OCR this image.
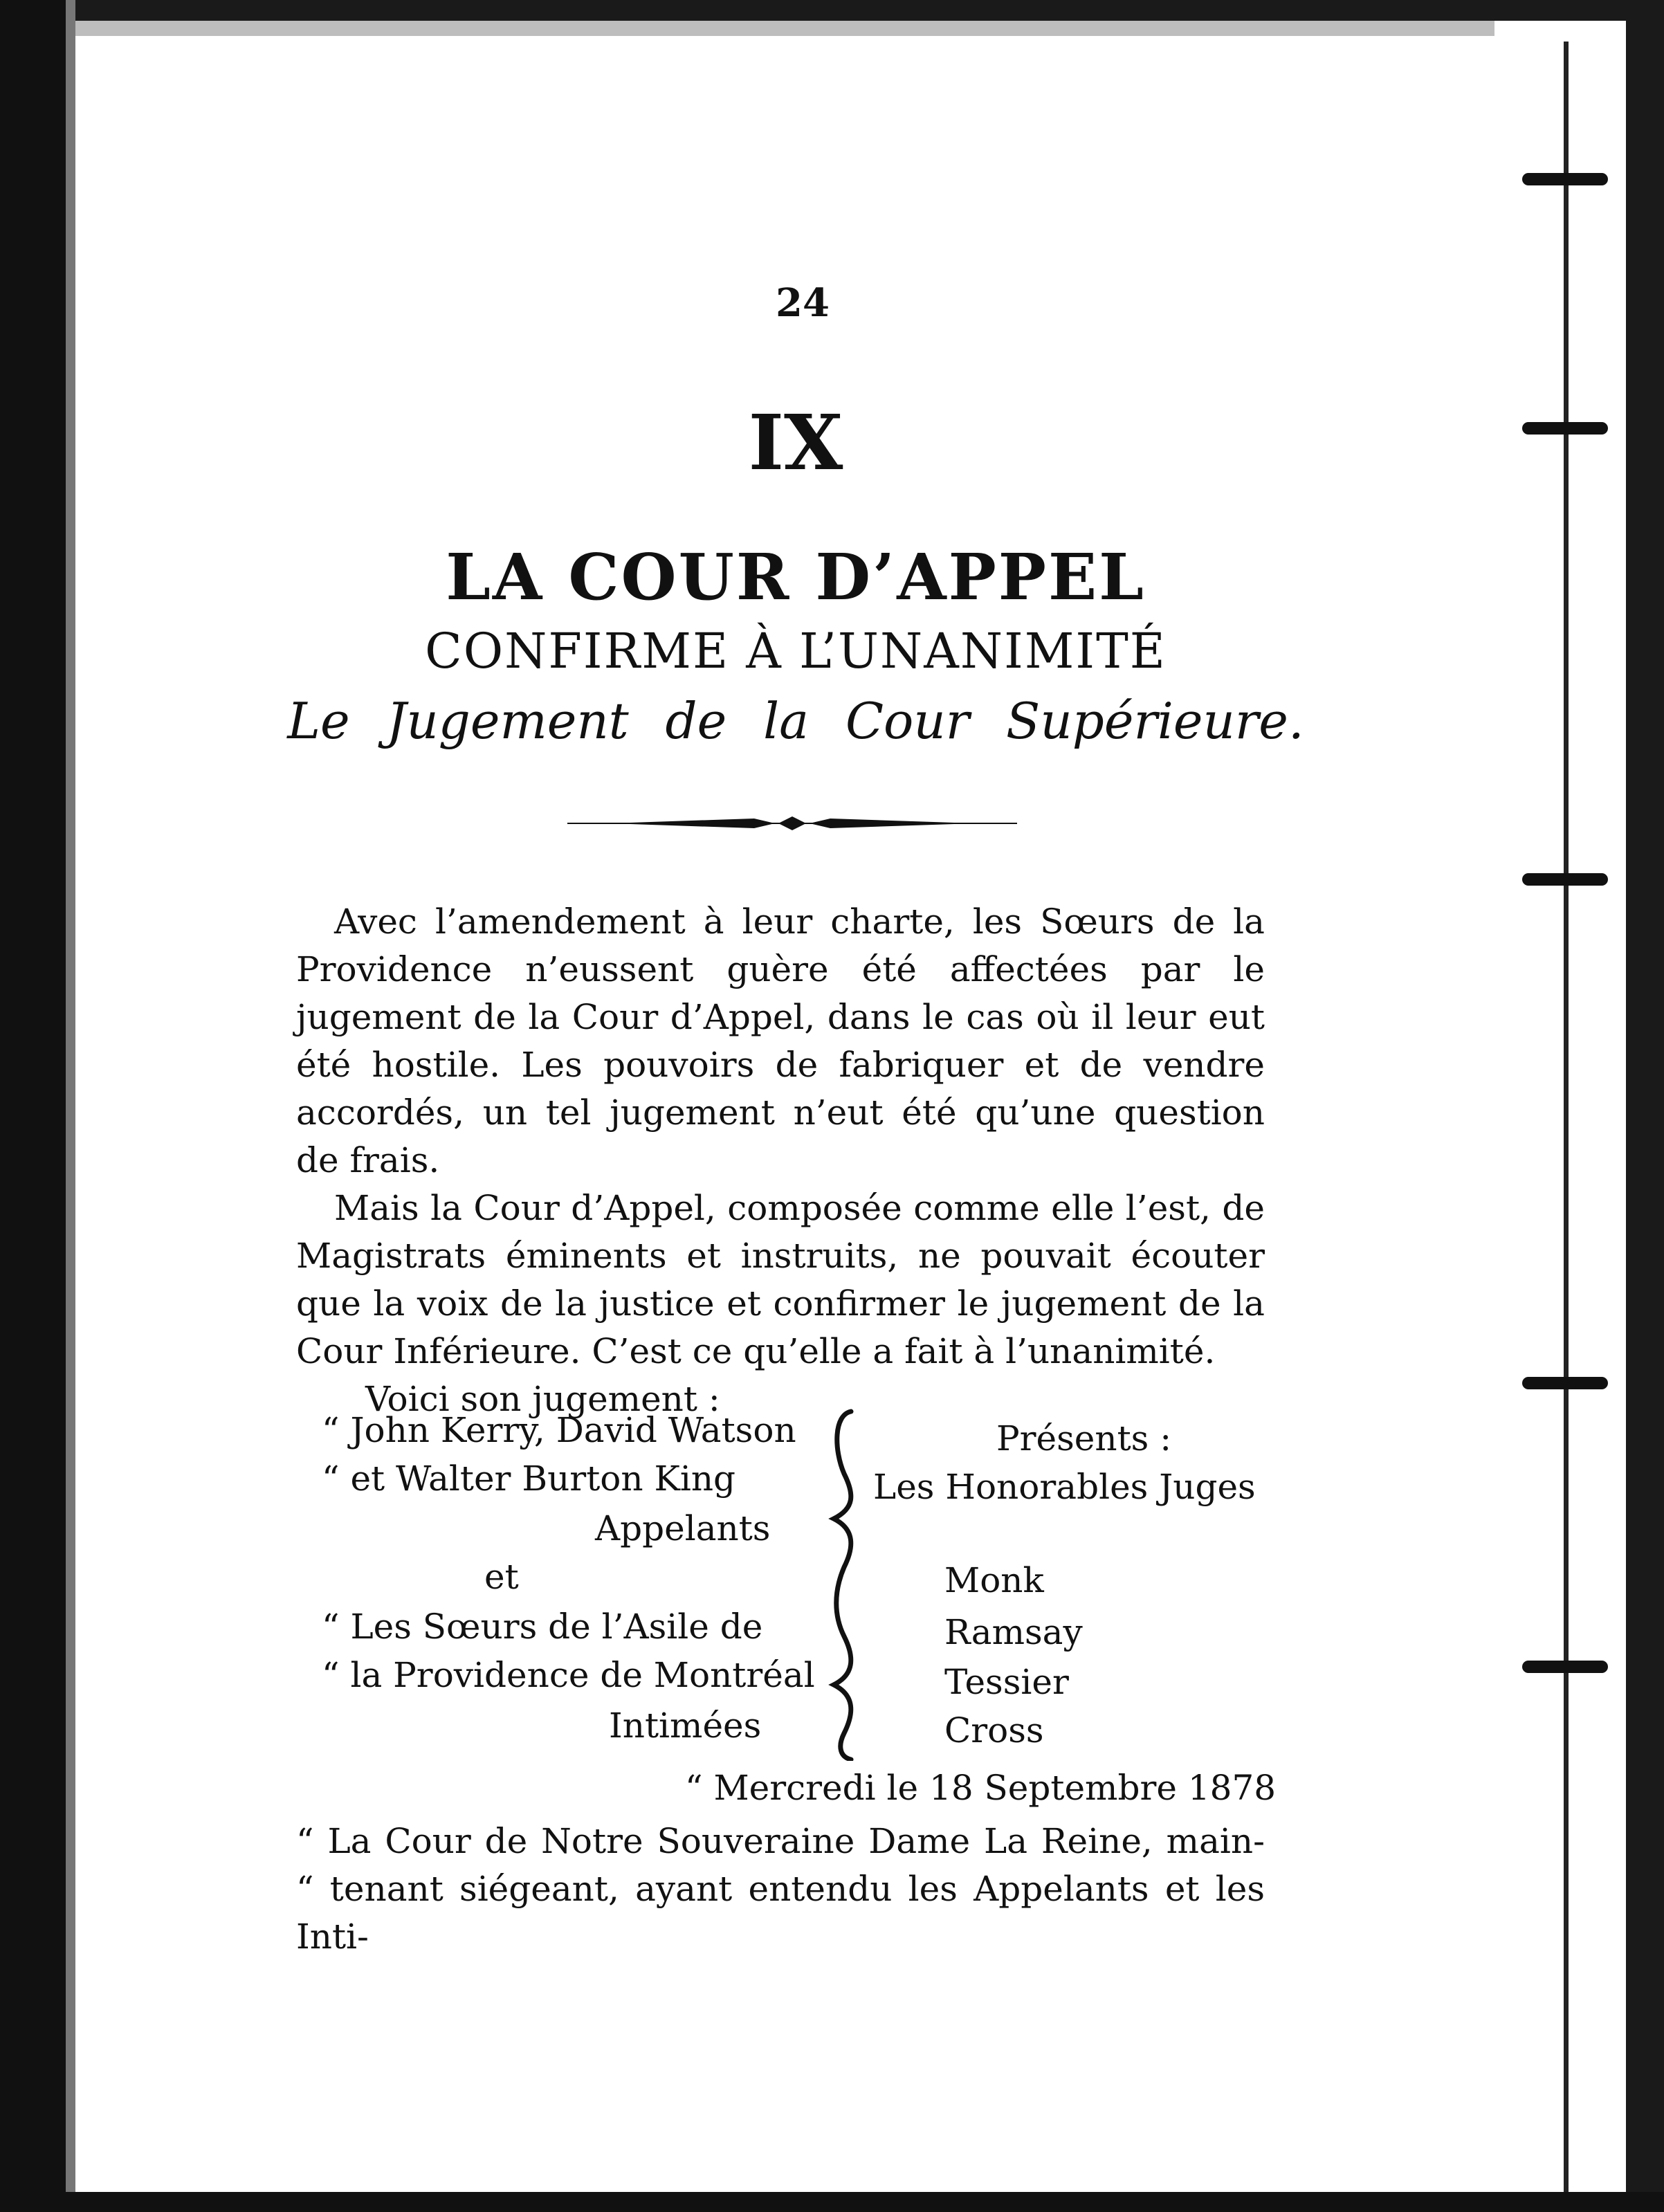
24
IX
LA COUR D’APPEL
CONFIRME À L’UNANIMITÉ
Le Jugement de la Cour Supérieure.

Avec l’amendement à leur charte, les Sœurs de la Providence n’eussent guère été affectées par le jugement de la Cour d’Appel, dans le cas où il leur eut été hostile. Les pouvoirs de fabriquer et de vendre accordés, un tel jugement n’eut été qu’une question de frais.

Mais la Cour d’Appel, composée comme elle l’est, de Magistrats éminents et instruits, ne pouvait écouter que la voix de la justice et confirmer le jugement de la Cour Inférieure. C’est ce qu’elle a fait à l’unanimité.

Voici son jugement :

“ John Kerry, David Watson
“ et Walter Burton King
Appelants
et
“ Les Sœurs de l’Asile de
“ la Providence de Montréal
Intimées
Présents :
Les Honorables Juges
Monk
Ramsay
Tessier
Cross
“ Mercredi le 18 Septembre 1878

“ La Cour de Notre Souveraine Dame La Reine, main-

“ tenant siégeant, ayant entendu les Appelants et les Inti-
